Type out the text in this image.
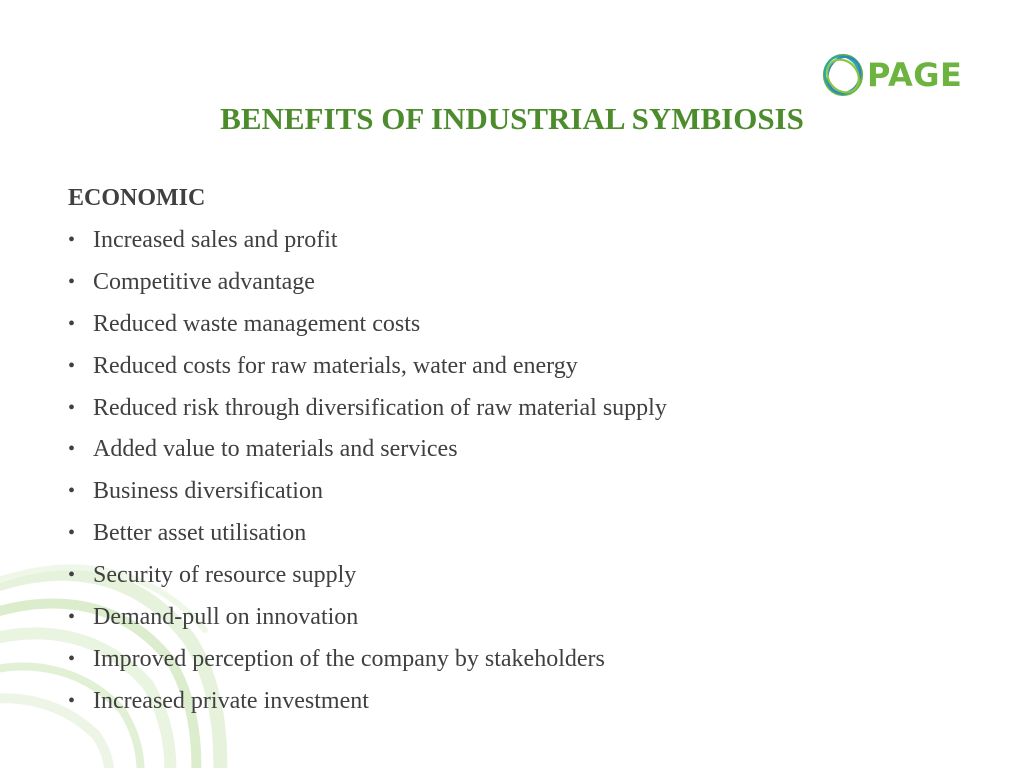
PAGE
BENEFITS OF INDUSTRIAL SYMBIOSIS
ECONOMIC
• Increased sales and profit
• Competitive advantage
• Reduced waste management costs
• Reduced costs for raw materials, water and energy
• Reduced risk through diversification of raw material supply
• Added value to materials and services
• Business diversification
• Better asset utilisation
• Security of resource supply
• Demand-pull on innovation
• Improved perception of the company by stakeholders
• Increased private investment
